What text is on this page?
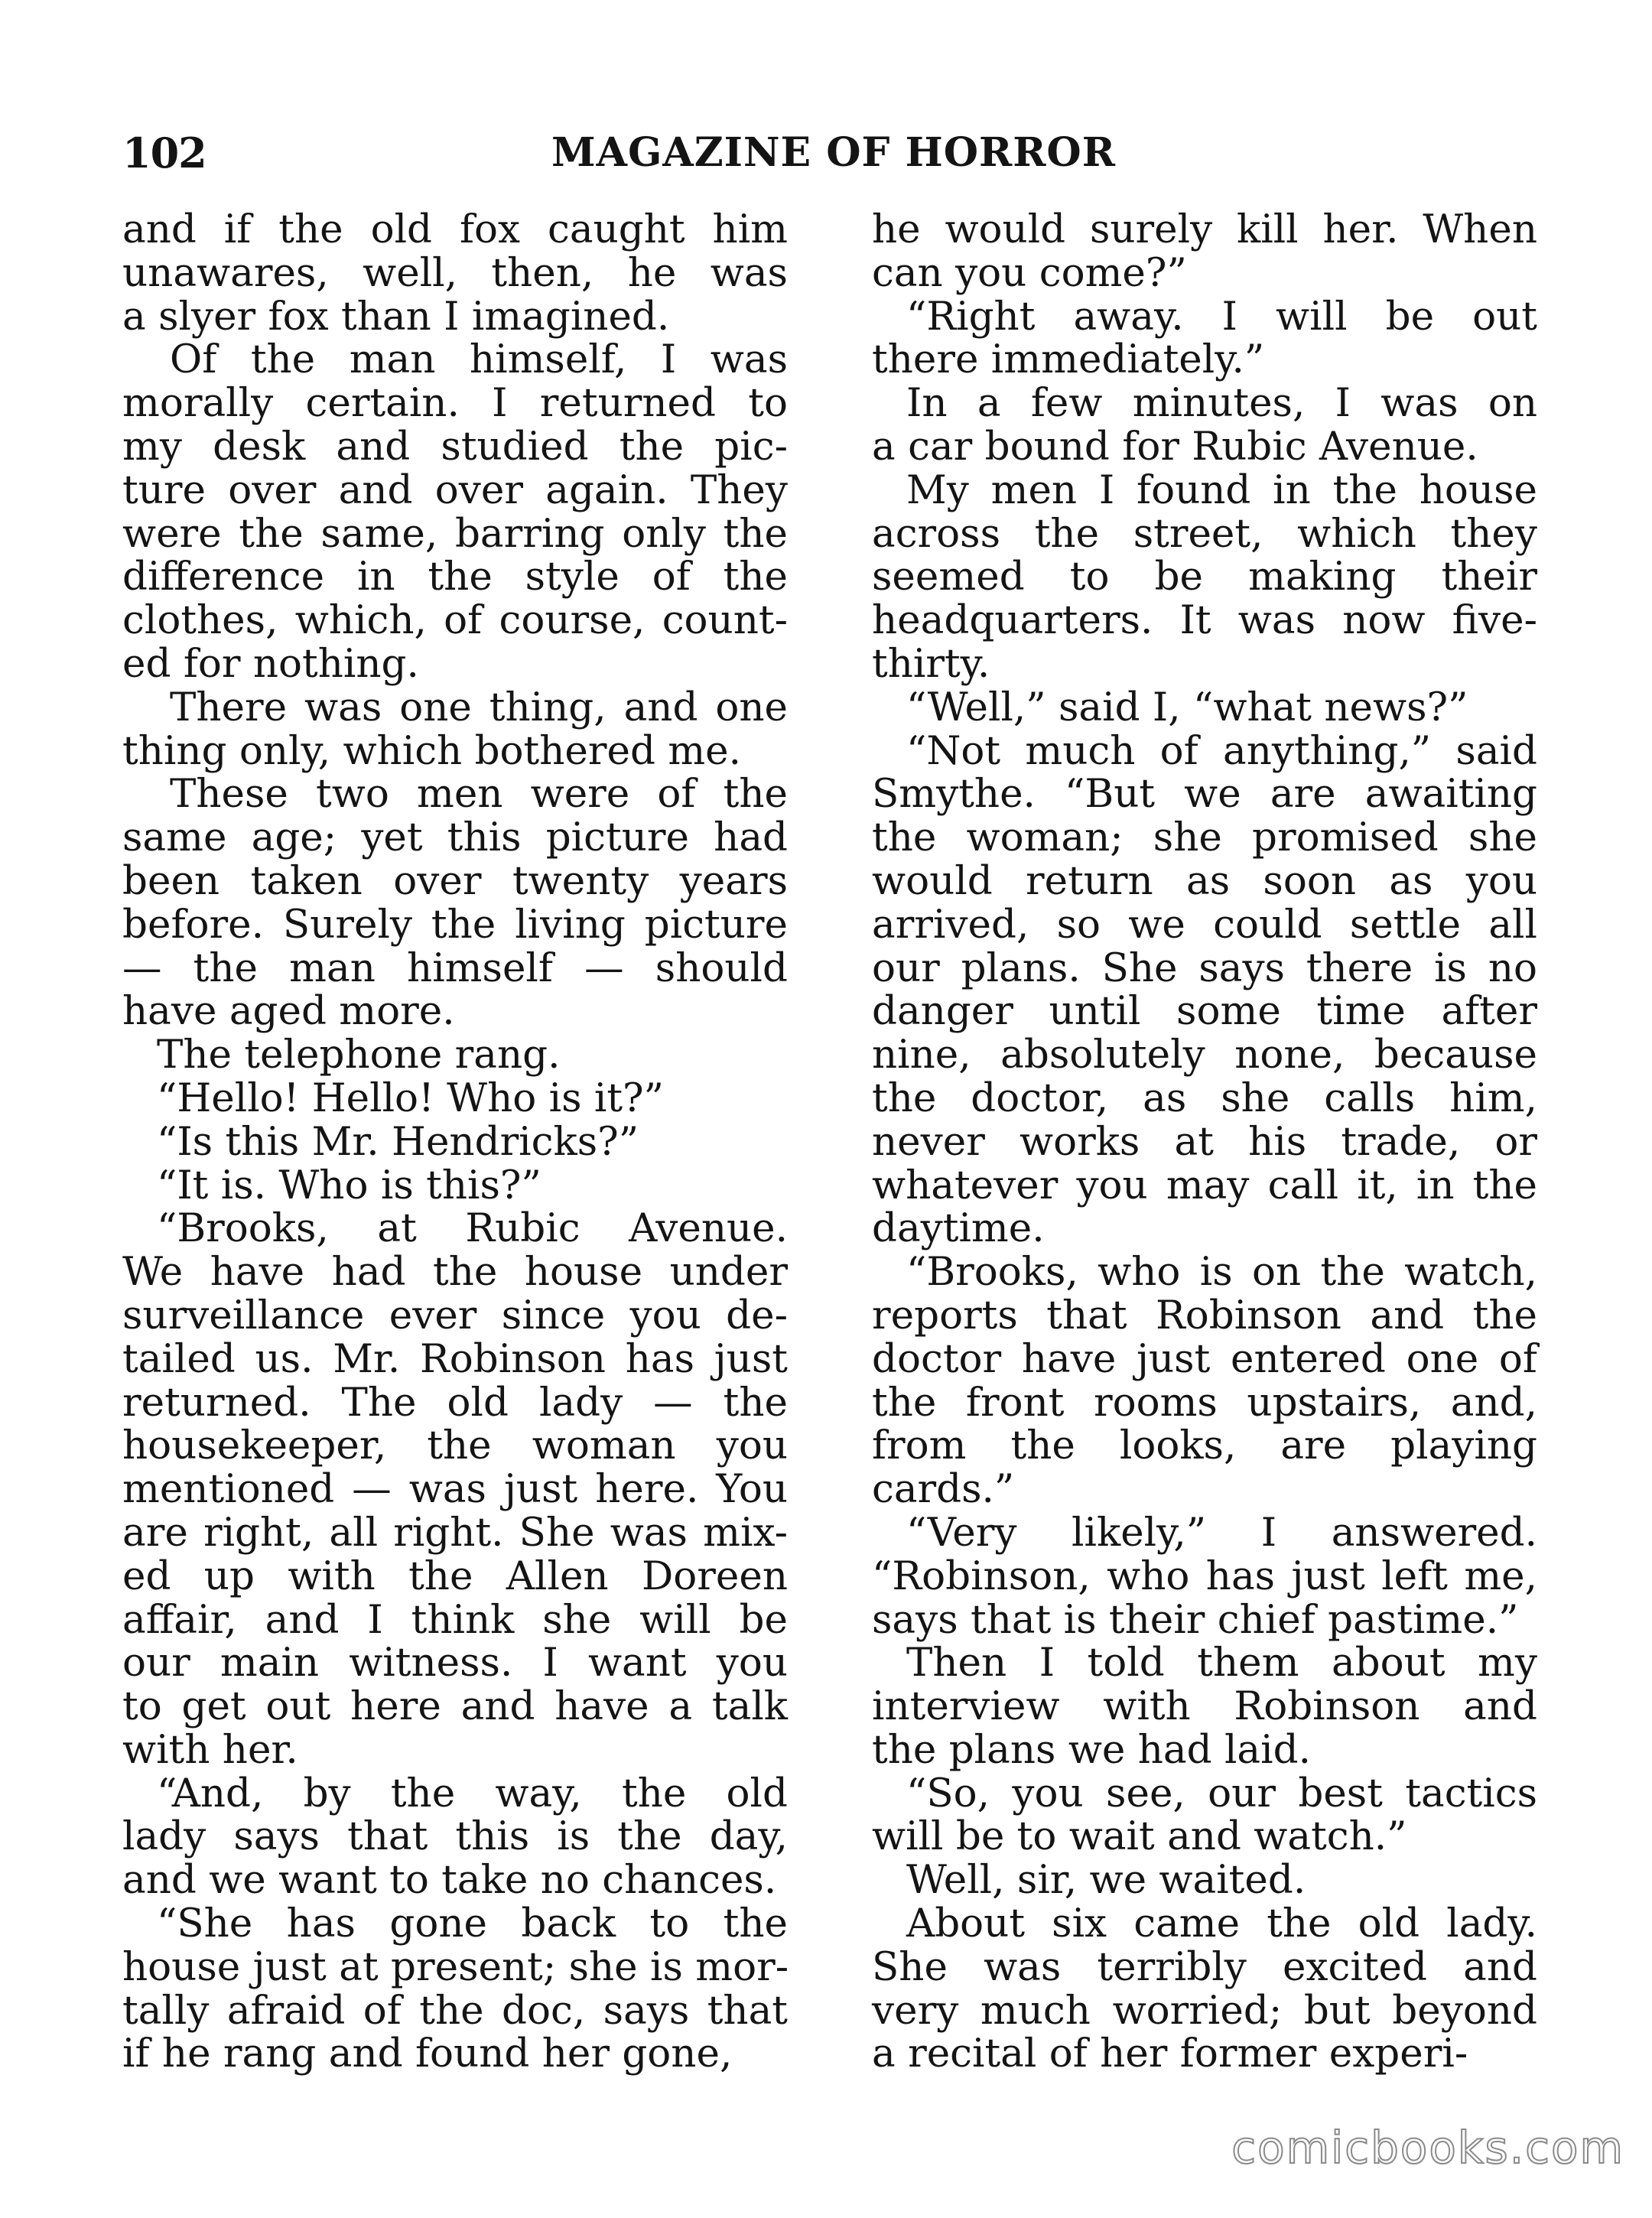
102	MAGAZINE OF HORROR
and if the old fox caught him
unawares, well, then, he was
a slyer fox than I imagined.
Of the man himself, I was
morally certain. I returned to
my desk and studied the pic-
ture over and over again. They
were the same, barring only the
difference in the style of the
clothes, which, of course, count-
ed for nothing.
There was one thing, and one
thing only, which bothered me.
These two men were of the
same age; yet this picture had
been taken over twenty years
before. Surely the living picture
— the man himself — should
have aged more.
The telephone rang.
“Hello! Hello! Who is it?”
“Is this Mr. Hendricks?”
“It is. Who is this?”
“Brooks, at Rubic Avenue.
We have had the house under
surveillance ever since you de-
tailed us. Mr. Robinson has just
returned. The old lady — the
housekeeper, the woman you
mentioned — was just here. You
are right, all right. She was mix-
ed up with the Allen Doreen
affair, and I think she will be
our main witness. I want you
to get out here and have a talk
with her.
“And, by the way, the old
lady says that this is the day,
and we want to take no chances.
“She has gone back to the
house just at present; she is mor-
tally afraid of the doc, says that
if he rang and found her gone,
he would surely kill her. When
can you come?”
“Right away. I will be out
there immediately.”
In a few minutes, I was on
a car bound for Rubic Avenue.
My men I found in the house
across the street, which they
seemed to be making their
headquarters. It was now five-
thirty.
“Well,” said I, “what news?”
“Not much of anything,” said
Smythe. “But we are awaiting
the woman; she promised she
would return as soon as you
arrived, so we could settle all
our plans. She says there is no
danger until some time after
nine, absolutely none, because
the doctor, as she calls him,
never works at his trade, or
whatever you may call it, in the
daytime.
“Brooks, who is on the watch,
reports that Robinson and the
doctor have just entered one of
the front rooms upstairs, and,
from the looks, are playing
cards.”
“Very likely,” I answered.
“Robinson, who has just left me,
says that is their chief pastime.”
Then I told them about my
interview with Robinson and
the plans we had laid.
“So, you see, our best tactics
will be to wait and watch.”
Well, sir, we waited.
About six came the old lady.
She was terribly excited and
very much worried; but beyond
a recital of her former experi-
comicbooks.com
